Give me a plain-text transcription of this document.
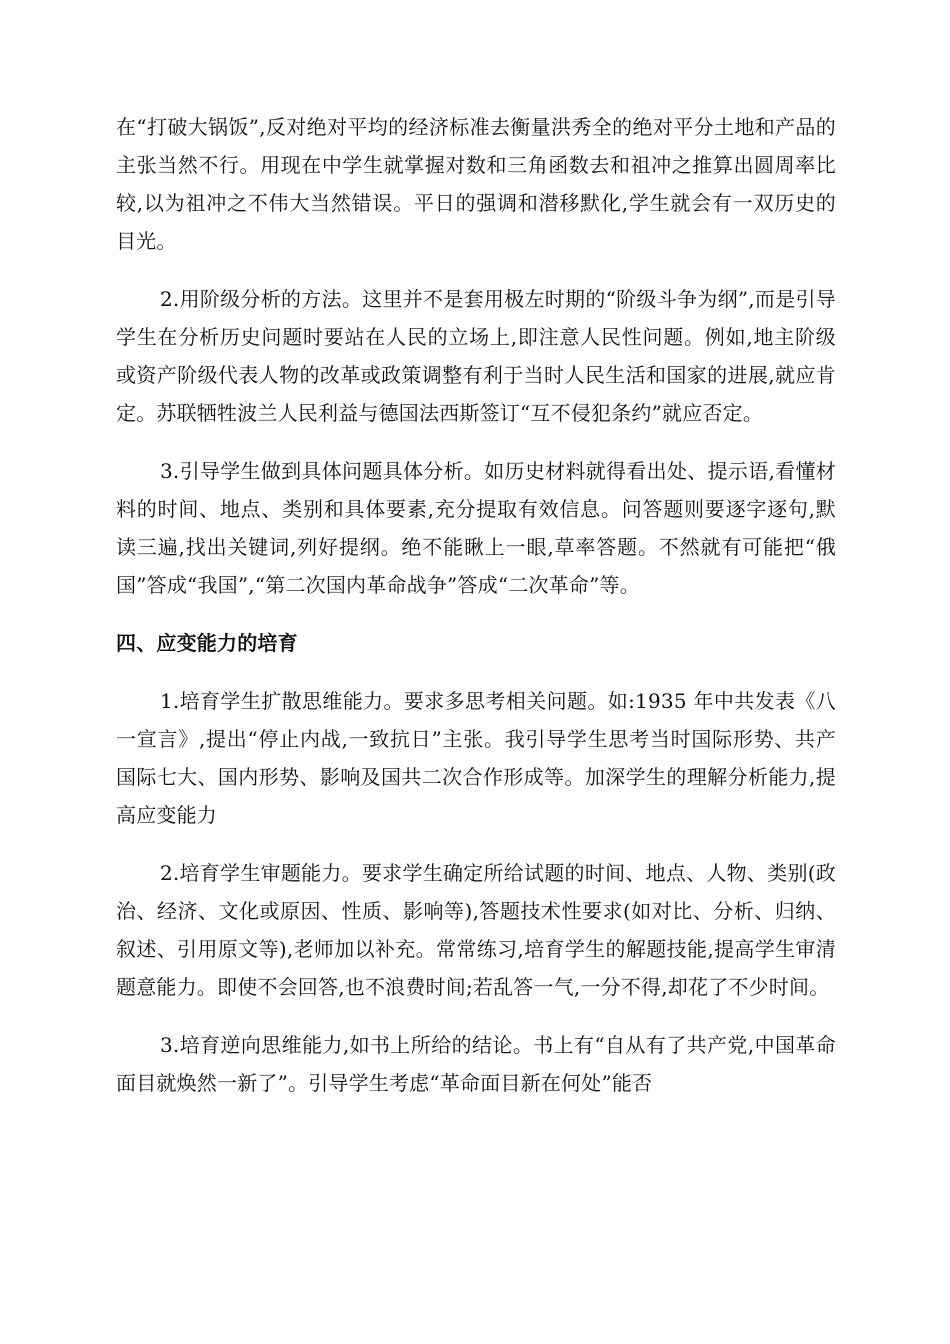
在“打破大锅饭”,反对绝对平均的经济标准去衡量洪秀全的绝对平分土地和产品的主张当然不行。用现在中学生就掌握对数和三角函数去和祖冲之推算出圆周率比较,以为祖冲之不伟大当然错误。平日的强调和潜移默化,学生就会有一双历史的目光。

2.用阶级分析的方法。这里并不是套用极左时期的“阶级斗争为纲”,而是引导学生在分析历史问题时要站在人民的立场上,即注意人民性问题。例如,地主阶级或资产阶级代表人物的改革或政策调整有利于当时人民生活和国家的进展,就应肯定。苏联牺牲波兰人民利益与德国法西斯签订“互不侵犯条约”就应否定。

3.引导学生做到具体问题具体分析。如历史材料就得看出处、提示语,看懂材料的时间、地点、类别和具体要素,充分提取有效信息。问答题则要逐字逐句,默读三遍,找出关键词,列好提纲。绝不能瞅上一眼,草率答题。不然就有可能把“俄国”答成“我国”,“第二次国内革命战争”答成“二次革命”等。

四、应变能力的培育

1.培育学生扩散思维能力。要求多思考相关问题。如:1935 年中共发表《八一宣言》,提出“停止内战,一致抗日”主张。我引导学生思考当时国际形势、共产国际七大、国内形势、影响及国共二次合作形成等。加深学生的理解分析能力,提高应变能力

2.培育学生审题能力。要求学生确定所给试题的时间、地点、人物、类别(政治、经济、文化或原因、性质、影响等),答题技术性要求(如对比、分析、归纳、叙述、引用原文等),老师加以补充。常常练习,培育学生的解题技能,提高学生审清题意能力。即使不会回答,也不浪费时间;若乱答一气,一分不得,却花了不少时间。

3.培育逆向思维能力,如书上所给的结论。书上有“自从有了共产党,中国革命面目就焕然一新了”。引导学生考虑“革命面目新在何处”能否
